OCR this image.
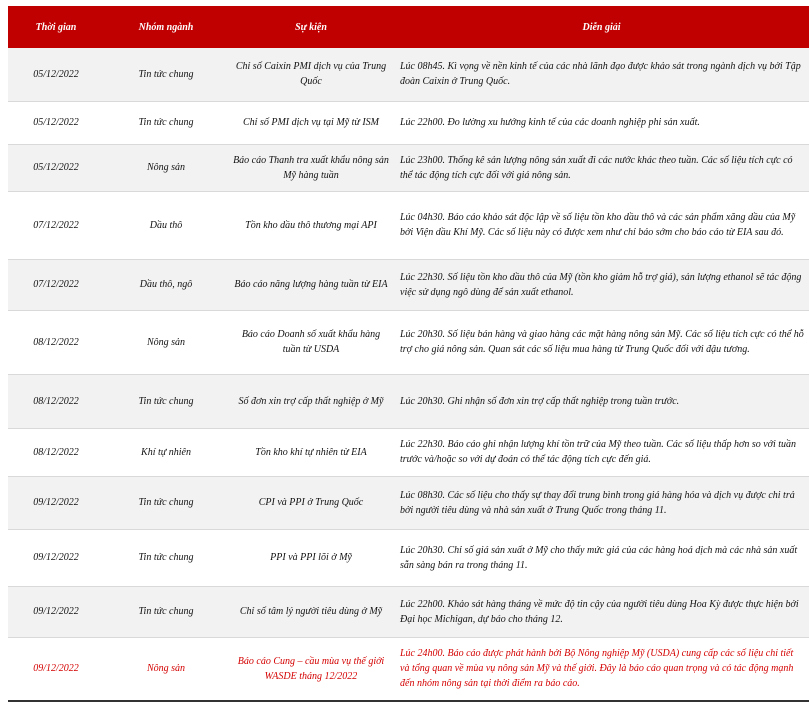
Thời gian	Nhóm ngành	Sự kiện	Diễn giải
05/12/2022	Tin tức chung	Chỉ số Caixin PMI dịch vụ của Trung Quốc	Lúc 08h45. Kì vọng về nền kinh tế của các nhà lãnh đạo được khảo sát trong ngành dịch vụ bởi Tập đoàn Caixin ở Trung Quốc.
05/12/2022	Tin tức chung	Chỉ số PMI dịch vụ tại Mỹ từ ISM	Lúc 22h00. Đo lường xu hướng kinh tế của các doanh nghiệp phi sản xuất.
05/12/2022	Nông sản	Báo cáo Thanh tra xuất khẩu nông sản Mỹ hàng tuần	Lúc 23h00. Thống kê sản lượng nông sản xuất đi các nước khác theo tuần. Các số liệu tích cực có thể tác động tích cực đối với giá nông sản.
07/12/2022	Dầu thô	Tồn kho dầu thô thương mại API	Lúc 04h30. Báo cáo khảo sát độc lập về số liệu tồn kho dầu thô và các sản phẩm xăng dầu của Mỹ bởi Viện dầu Khí Mỹ. Các số liệu này có được xem như chỉ báo sớm cho báo cáo từ EIA sau đó.
07/12/2022	Dầu thô, ngô	Báo cáo năng lượng hàng tuần từ EIA	Lúc 22h30. Số liệu tồn kho dầu thô của Mỹ (tồn kho giảm hỗ trợ giá), sản lượng ethanol sẽ tác động việc sử dụng ngô dùng để sản xuất ethanol.
08/12/2022	Nông sản	Báo cáo Doanh số xuất khẩu hàng tuần từ USDA	Lúc 20h30. Số liệu bán hàng và giao hàng các mặt hàng nông sản Mỹ. Các số liệu tích cực có thể hỗ trợ cho giá nông sản. Quan sát các số liệu mua hàng từ Trung Quốc đối với đậu tương.
08/12/2022	Tin tức chung	Số đơn xin trợ cấp thất nghiệp ở Mỹ	Lúc 20h30. Ghi nhận số đơn xin trợ cấp thất nghiệp trong tuần trước.
08/12/2022	Khí tự nhiên	Tồn kho khí tự nhiên từ EIA	Lúc 22h30. Báo cáo ghi nhận lượng khí tồn trữ của Mỹ theo tuần. Các số liệu thấp hơn so với tuần trước và/hoặc so với dự đoán có thể tác động tích cực đến giá.
09/12/2022	Tin tức chung	CPI và PPI ở Trung Quốc	Lúc 08h30. Các số liệu cho thấy sự thay đổi trung bình trong giá hàng hóa và dịch vụ được chi trả bởi người tiêu dùng và nhà sản xuất ở Trung Quốc trong tháng 11.
09/12/2022	Tin tức chung	PPI và PPI lõi ở Mỹ	Lúc 20h30. Chỉ số giá sản xuất ở Mỹ cho thấy mức giá của các hàng hoá dịch mà các nhà sản xuất sẵn sàng bán ra trong tháng 11.
09/12/2022	Tin tức chung	Chỉ số tâm lý người tiêu dùng ở Mỹ	Lúc 22h00. Khảo sát hàng tháng về mức độ tin cậy của người tiêu dùng Hoa Kỳ được thực hiện bởi Đại học Michigan, dự báo cho tháng 12.
09/12/2022	Nông sản	Báo cáo Cung – cầu mùa vụ thế giới WASDE tháng 12/2022	Lúc 24h00. Báo cáo được phát hành bởi Bộ Nông nghiệp Mỹ (USDA) cung cấp các số liệu chi tiết và tổng quan về mùa vụ nông sản Mỹ và thế giới. Đây là báo cáo quan trọng và có tác động mạnh đến nhóm nông sản tại thời điểm ra báo cáo.
